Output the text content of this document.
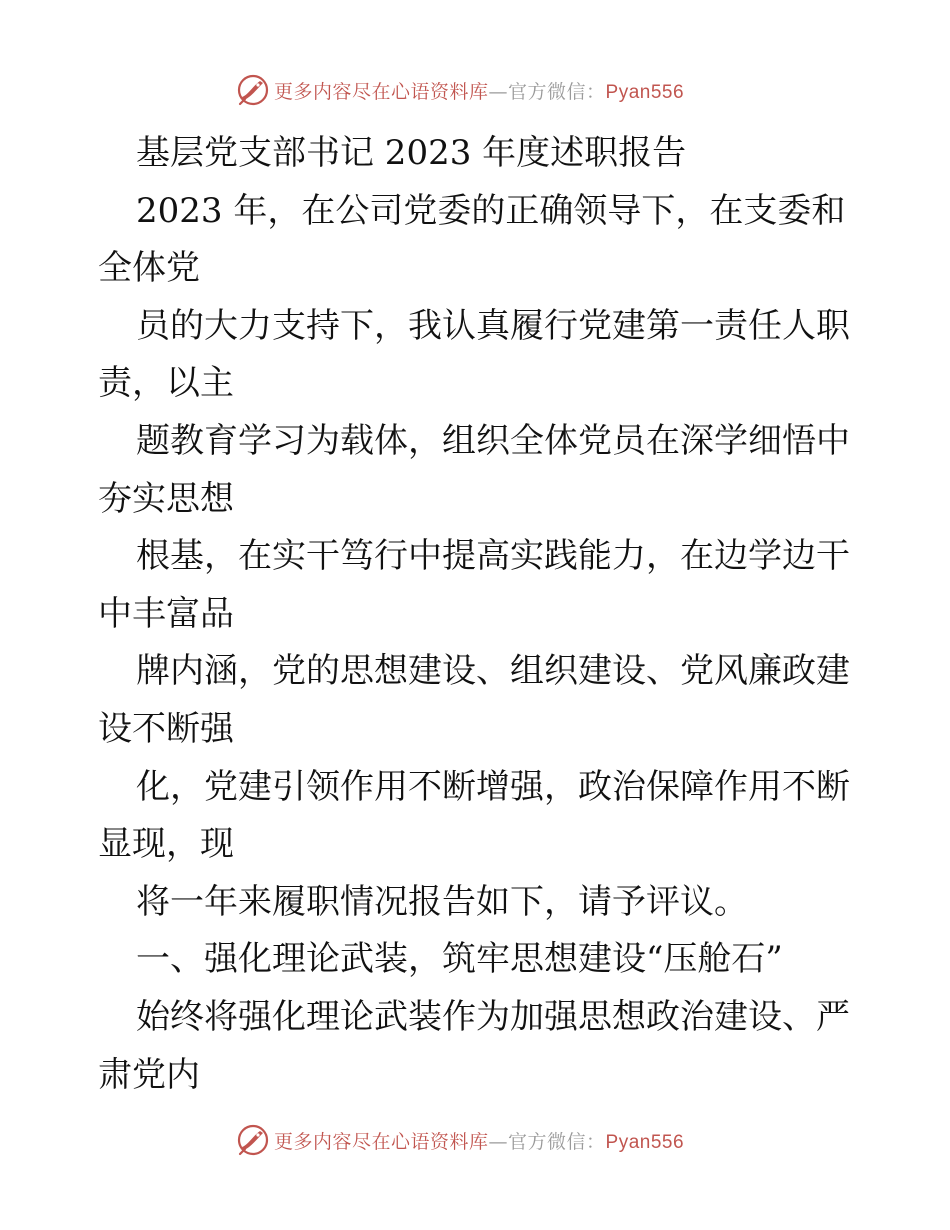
更多内容尽在心语资料库—官方微信：Pyan556
基层党支部书记 2023 年度述职报告
2023 年，在公司党委的正确领导下，在支委和
全体党
员的大力支持下，我认真履行党建第一责任人职
责，以主
题教育学习为载体，组织全体党员在深学细悟中
夯实思想
根基，在实干笃行中提高实践能力，在边学边干
中丰富品
牌内涵，党的思想建设、组织建设、党风廉政建
设不断强
化，党建引领作用不断增强，政治保障作用不断
显现，现
将一年来履职情况报告如下，请予评议。
一、强化理论武装，筑牢思想建设“压舱石”
始终将强化理论武装作为加强思想政治建设、严
肃党内
更多内容尽在心语资料库—官方微信：Pyan556
